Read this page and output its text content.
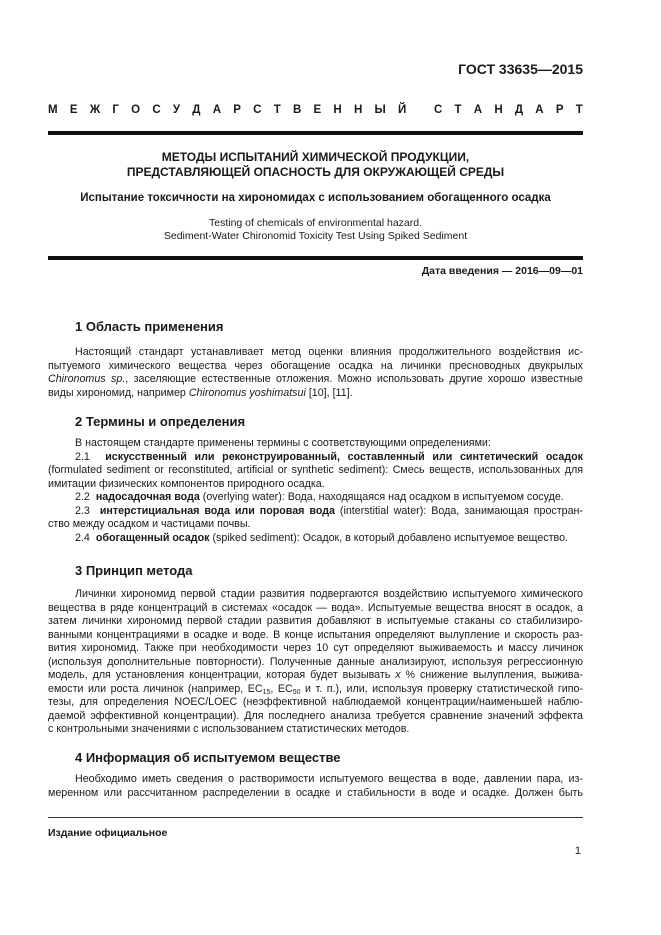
ГОСТ 33635—2015
М Е Ж Г О С У Д А Р С Т В Е Н Н Ы Й
С Т А Н Д А Р Т
МЕТОДЫ ИСПЫТАНИЙ ХИМИЧЕСКОЙ ПРОДУКЦИИ,
ПРЕДСТАВЛЯЮЩЕЙ ОПАСНОСТЬ ДЛЯ ОКРУЖАЮЩЕЙ СРЕДЫ
Испытание токсичности на хирономидах с использованием обогащенного осадка
Testing of chemicals of environmental hazard.
Sediment-Water Chironomid Toxicity Test Using Spiked Sediment
Дата введения — 2016—09—01
1 Область применения
Настоящий стандарт устанавливает метод оценки влияния продолжительного воздействия ис-
пытуемого химического вещества через обогащение осадка на личинки пресноводных двукрылых
Chironomus sp., заселяющие естественные отложения. Можно использовать другие хорошо известные
виды хирономид, например Chironomus yoshimatsui [10], [11].
2 Термины и определения
В настоящем стандарте применены термины с соответствующими определениями:
2.1 искусственный или реконструированный, составленный или синтетический осадок
(formulated sediment or reconstituted, artificial or synthetic sediment): Смесь веществ, использованных для
имитации физических компонентов природного осадка.
2.2 надосадочная вода (overlying water): Вода, находящаяся над осадком в испытуемом сосуде.
2.3 интерстициальная вода или поровая вода (interstitial water): Вода, занимающая простран-
ство между осадком и частицами почвы.
2.4 обогащенный осадок (spiked sediment): Осадок, в который добавлено испытуемое вещество.
3 Принцип метода
Личинки хирономид первой стадии развития подвергаются воздействию испытуемого химического
вещества в ряде концентраций в системах «осадок — вода». Испытуемые вещества вносят в осадок, а
затем личинки хирономид первой стадии развития добавляют в испытуемые стаканы со стабилизиро-
ванными концентрациями в осадке и воде. В конце испытания определяют вылупление и скорость раз-
вития хирономид. Также при необходимости через 10 сут определяют выживаемость и массу личинок
(используя дополнительные повторности). Полученные данные анализируют, используя регрессионную
модель, для установления концентрации, которая будет вызывать x % снижение вылупления, выжива-
емости или роста личинок (например, $EC_{15}$, $EC_{50}$ и т. п.), или, используя проверку статистической гипо-
тезы, для определения NOEC/LOEC (неэффективной наблюдаемой концентрации/наименьшей наблю-
даемой эффективной концентрации). Для последнего анализа требуется сравнение значений эффекта
с контрольными значениями с использованием статистических методов.
4 Информация об испытуемом веществе
Необходимо иметь сведения о растворимости испытуемого вещества в воде, давлении пара, из-
меренном или рассчитанном распределении в осадке и стабильности в воде и осадке. Должен быть
Издание официальное
1
